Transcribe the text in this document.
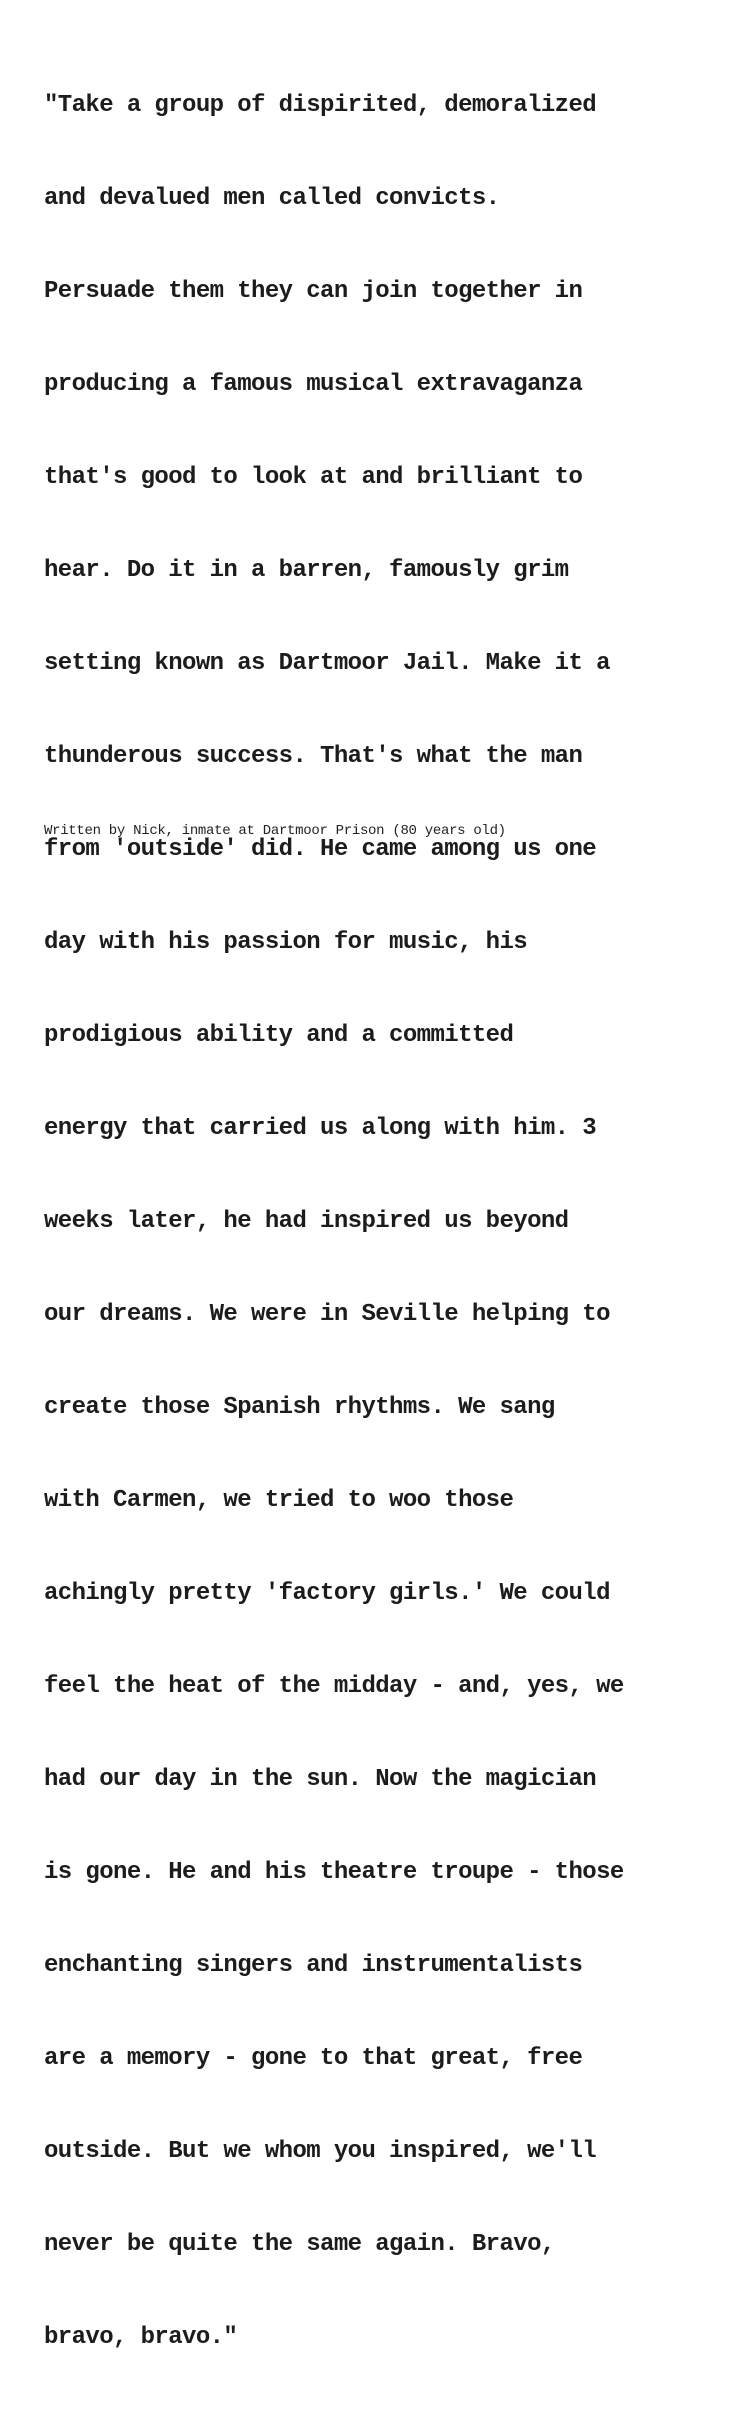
"Take a group of dispirited, demoralized

and devalued men called convicts.

Persuade them they can join together in

producing a famous musical extravaganza

that's good to look at and brilliant to

hear. Do it in a barren, famously grim

setting known as Dartmoor Jail. Make it a

thunderous success. That's what the man

from 'outside' did. He came among us one

day with his passion for music, his

prodigious ability and a committed

energy that carried us along with him. 3

weeks later, he had inspired us beyond

our dreams. We were in Seville helping to

create those Spanish rhythms. We sang

with Carmen, we tried to woo those

achingly pretty 'factory girls.' We could

feel the heat of the midday - and, yes, we

had our day in the sun. Now the magician

is gone. He and his theatre troupe - those

enchanting singers and instrumentalists

are a memory - gone to that great, free

outside. But we whom you inspired, we'll

never be quite the same again. Bravo,

bravo, bravo."

Written by Nick, inmate at Dartmoor Prison (80 years old)
